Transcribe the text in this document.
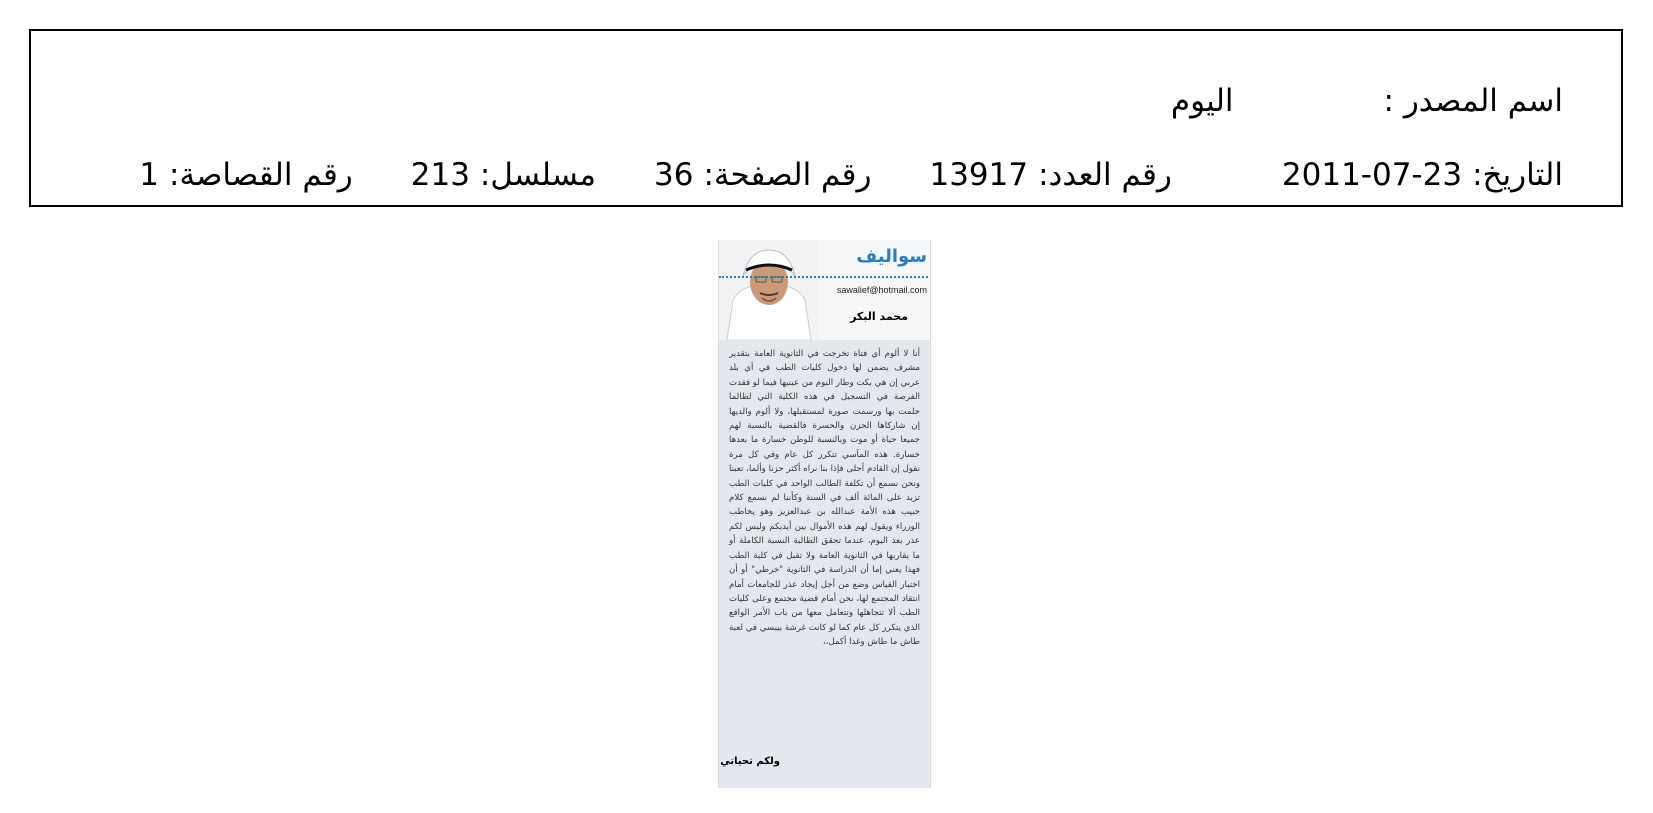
اسم المصدر :
اليوم
التاريخ:
2011-07-23
رقم العدد:
13917
رقم الصفحة:
36
مسلسل:
213
رقم القصاصة:
1
سواليف
sawalief@hotmail.com
محمد البكر
أنا لا ألوم أي فتاة تخرجت في الثانوية العامة بتقدير مشرف يضمن لها دخول كليات الطب في أي بلد عربي إن هي بكت وطار النوم من عينيها فيما لو فقدت الفرصة في التسجيل في هذه الكلية التي لطالما حلمت بها ورسمت صورة لمستقبلها، ولا ألوم والديها إن شاركاها الحزن والحسرة فالقضية بالنسبة لهم جميعا حياة أو موت وبالنسبة للوطن خسارة ما بعدها خسارة. هذه المآسي تتكرر كل عام وفي كل مرة نقول إن القادم أحلى فإذا بنا نراه أكثر حزنا وألما، تعبنا ونحن نسمع أن تكلفة الطالب الواحد في كليات الطب تزيد على المائة ألف في السنة وكأننا لم نسمع كلام حبيب هذه الأمة عبدالله بن عبدالعزيز وهو يخاطب الوزراء ويقول لهم هذه الأموال بين أيديكم وليس لكم عذر بعد اليوم، عندما تحقق الطالبة النسبة الكاملة أو ما يقاربها في الثانوية العامة ولا تقبل في كلية الطب فهذا يعني إما أن الدراسة في الثانوية "خرطي" أو أن اختبار القياس وضع من أجل إيجاد عذر للجامعات أمام انتقاد المجتمع لها، نحن أمام قضية مجتمع وعلى كليات الطب ألا تتجاهلها وتتعامل معها من باب الأمر الواقع الذي يتكرر كل عام كما لو كانت غرشة بيبسي في لعبة طاش ما طاش وغدا أكمل،،
ولكم تحياتي
